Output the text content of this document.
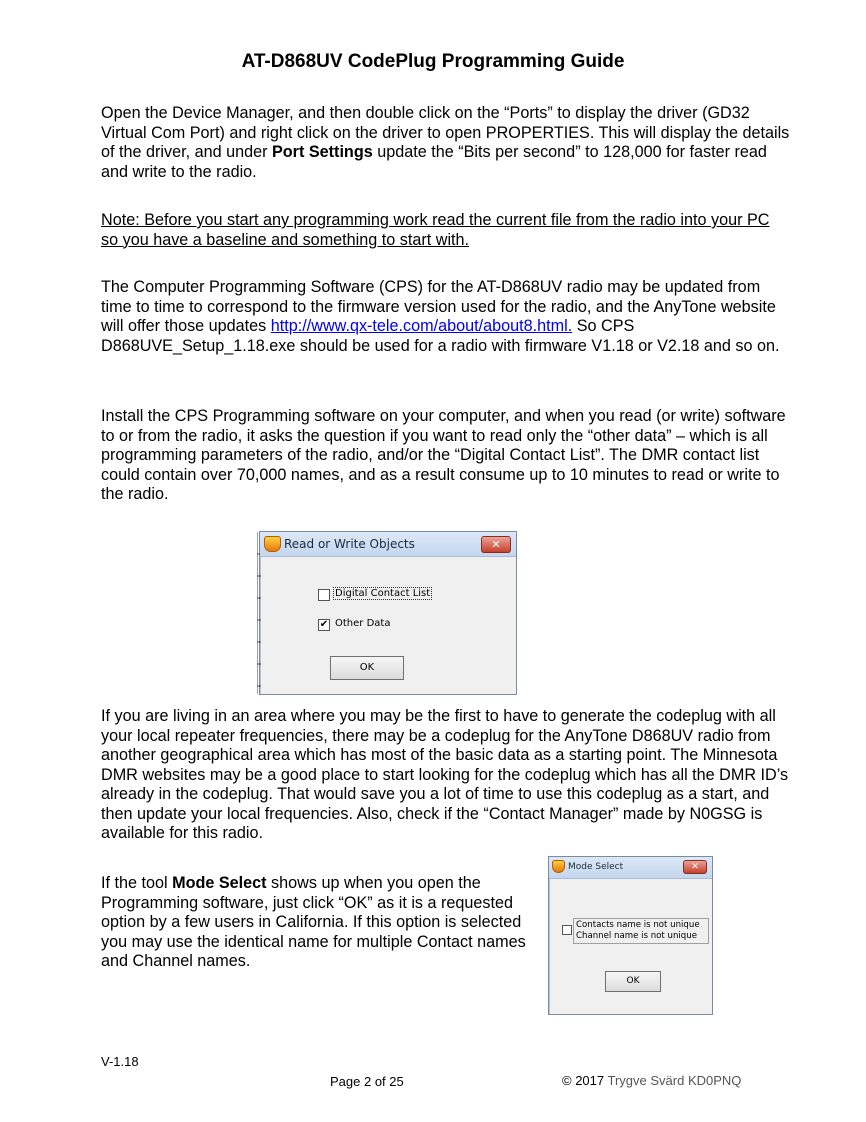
AT-D868UV CodePlug Programming Guide

Open the Device Manager, and then double click on the “Ports” to display the driver (GD32 Virtual Com Port) and right click on the driver to open PROPERTIES. This will display the details of the driver, and under Port Settings update the “Bits per second” to 128,000 for faster read and write to the radio.

Note: Before you start any programming work read the current file from the radio into your PC so you have a baseline and something to start with.

The Computer Programming Software (CPS) for the AT-D868UV radio may be updated from time to time to correspond to the firmware version used for the radio, and the AnyTone website will offer those updates http://www.qx-tele.com/about/about8.html. So CPS D868UVE_Setup_1.18.exe should be used for a radio with firmware V1.18 or V2.18 and so on.

Install the CPS Programming software on your computer, and when you read (or write) software to or from the radio, it asks the question if you want to read only the “other data” – which is all programming parameters of the radio, and/or the “Digital Contact List”. The DMR contact list could contain over 70,000 names, and as a result consume up to 10 minutes to read or write to the radio.

Read or Write Objects	✕
Digital Contact List
✔ Other Data
OK

If you are living in an area where you may be the first to have to generate the codeplug with all your local repeater frequencies, there may be a codeplug for the AnyTone D868UV radio from another geographical area which has most of the basic data as a starting point. The Minnesota DMR websites may be a good place to start looking for the codeplug which has all the DMR ID’s already in the codeplug. That would save you a lot of time to use this codeplug as a start, and then update your local frequencies. Also, check if the “Contact Manager” made by N0GSG is available for this radio.

If the tool Mode Select shows up when you open the Programming software, just click “OK” as it is a requested option by a few users in California. If this option is selected you may use the identical name for multiple Contact names and Channel names.

Mode Select	✕
Contacts name is not unique
Channel name is not unique
OK
V-1.18
Page 2 of 25	© 2017 Trygve Svärd KD0PNQ
